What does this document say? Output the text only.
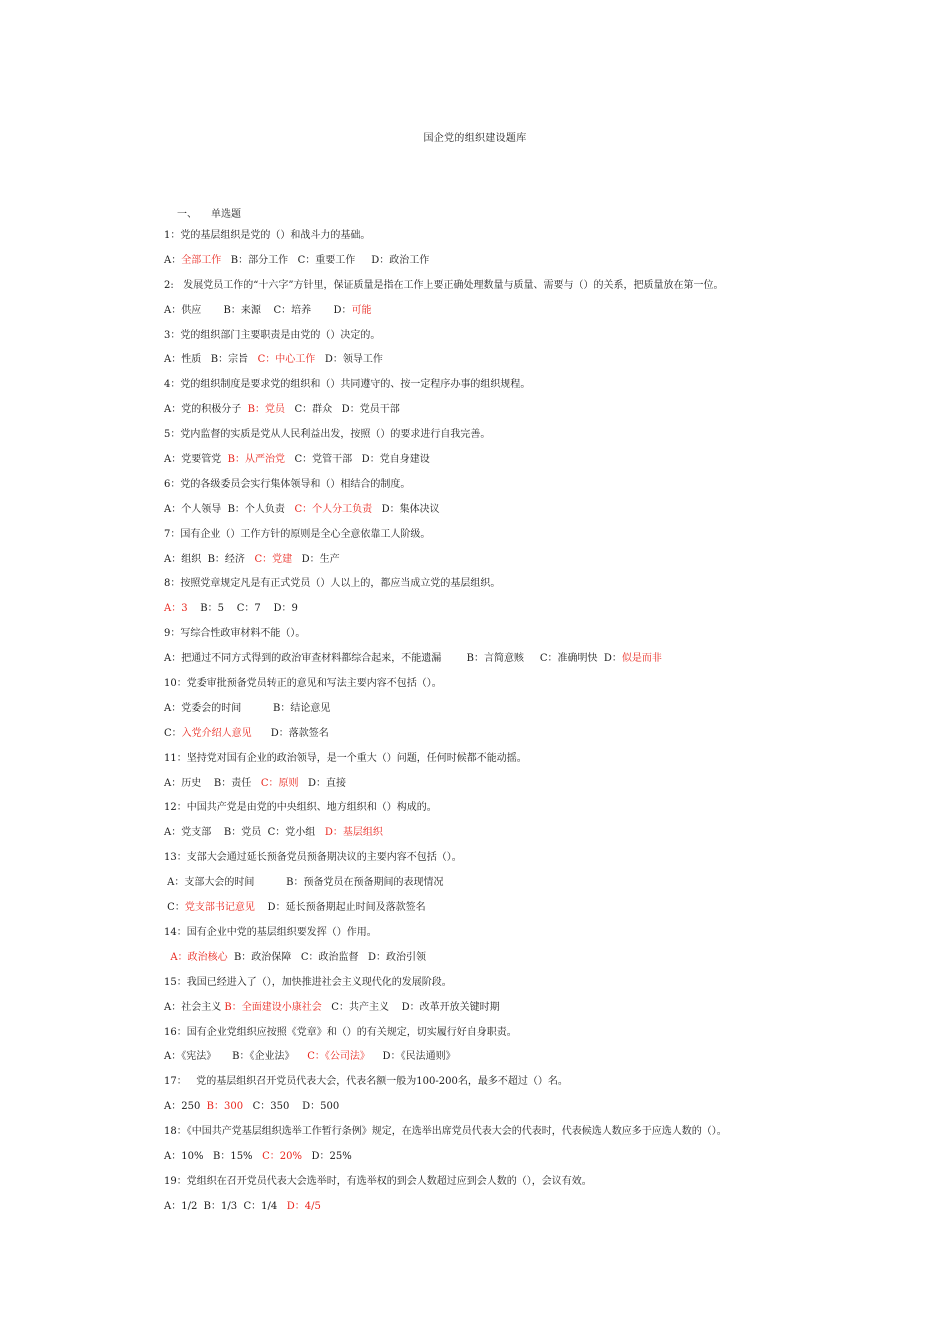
国企党的组织建设题库
一、 单选题
1：党的基层组织是党的（）和战斗力的基础。
A：全部工作   B：部分工作   C：重要工作     D：政治工作
2:   发展党员工作的“十六字”方针里，保证质量是指在工作上要正确处理数量与质量、需要与（）的关系，把质量放在第一位。
A：供应       B：来源    C：培养       D：可能
3：党的组织部门主要职责是由党的（）决定的。
A：性质   B：宗旨   C：中心工作   D：领导工作
4：党的组织制度是要求党的组织和（）共同遵守的、按一定程序办事的组织规程。
A：党的积极分子  B：党员   C：群众   D：党员干部
5：党内监督的实质是党从人民利益出发，按照（）的要求进行自我完善。
A：党要管党  B：从严治党   C：党管干部   D：党自身建设
6：党的各级委员会实行集体领导和（）相结合的制度。
A：个人领导  B：个人负责   C：个人分工负责   D：集体决议
7：国有企业（）工作方针的原则是全心全意依靠工人阶级。
A：组织  B：经济   C：党建   D：生产
8：按照党章规定凡是有正式党员（）人以上的，都应当成立党的基层组织。
A：3    B：5    C：7    D：9
9：写综合性政审材料不能（）。
A：把通过不同方式得到的政治审查材料都综合起来，不能遗漏        B：言简意赅     C：准确明快  D：似是而非
10：党委审批预备党员转正的意见和写法主要内容不包括（）。
A：党委会的时间          B：结论意见
C：入党介绍人意见      D：落款签名
11：坚持党对国有企业的政治领导，是一个重大（）问题，任何时候都不能动摇。
A：历史    B：责任   C：原则   D：直接
12：中国共产党是由党的中央组织、地方组织和（）构成的。
A：党支部    B：党员  C：党小组   D：基层组织
13：支部大会通过延长预备党员预备期决议的主要内容不包括（）。
A：支部大会的时间          B：预备党员在预备期间的表现情况
C：党支部书记意见    D：延长预备期起止时间及落款签名
14：国有企业中党的基层组织要发挥（）作用。
A：政治核心  B：政治保障   C：政治监督   D：政治引领
15：我国已经进入了（），加快推进社会主义现代化的发展阶段。
A：社会主义 B：全面建设小康社会   C：共产主义    D：改革开放关键时期
16：国有企业党组织应按照《党章》和（）的有关规定，切实履行好自身职责。
A：《宪法》     B：《企业法》    C：《公司法》    D：《民法通则》
17：   党的基层组织召开党员代表大会，代表名额一般为100-200名，最多不超过（）名。
A：250  B：300   C：350    D：500
18：《中国共产党基层组织选举工作暂行条例》规定，在选举出席党员代表大会的代表时，代表候选人数应多于应选人数的（）。
A：10%   B：15%   C：20%   D：25%
19：党组织在召开党员代表大会选举时，有选举权的到会人数超过应到会人数的（），会议有效。
A：1/2  B：1/3  C：1/4   D：4/5
